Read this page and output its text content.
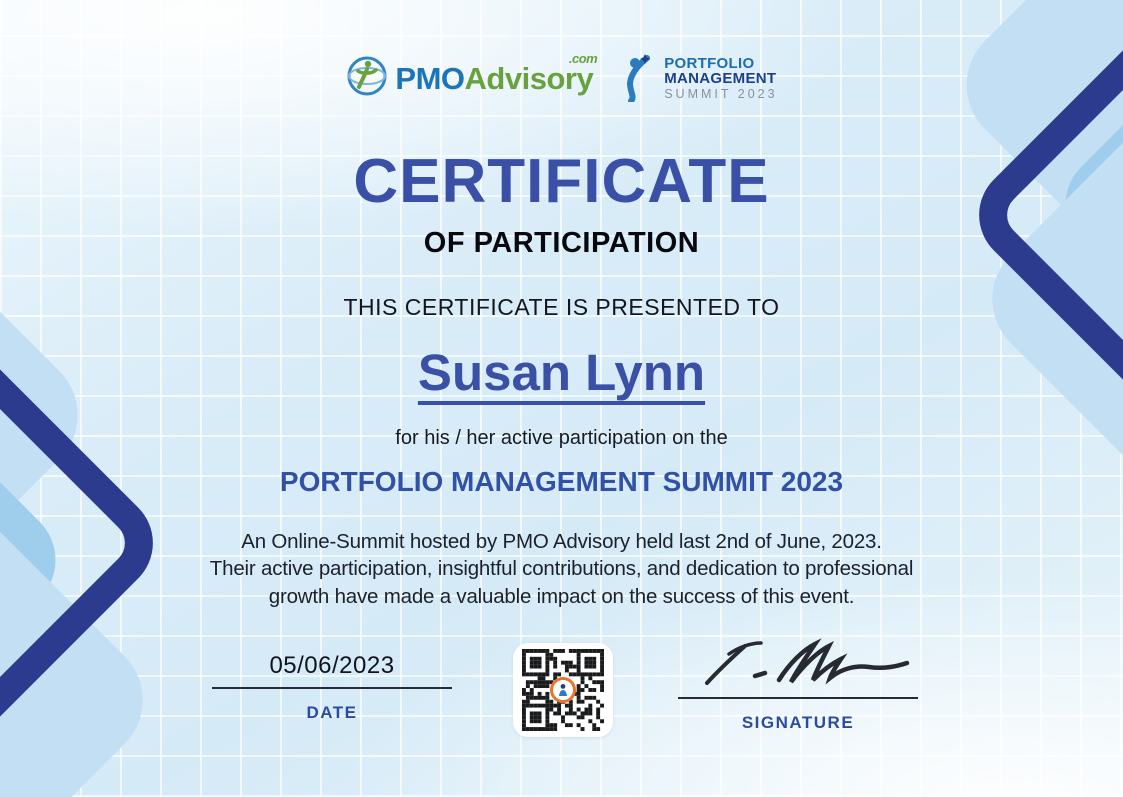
PMOAdvisory
.com	PORTFOLIO
MANAGEMENT
SUMMIT 2023
CERTIFICATE
OF PARTICIPATION
THIS CERTIFICATE IS PRESENTED TO
Susan Lynn
for his / her active participation on the
PORTFOLIO MANAGEMENT SUMMIT 2023
An Online-Summit hosted by PMO Advisory held last 2nd of June, 2023.
Their active participation, insightful contributions, and dedication to professional
growth have made a valuable impact on the success of this event.
05/06/2023
DATE
SIGNATURE
